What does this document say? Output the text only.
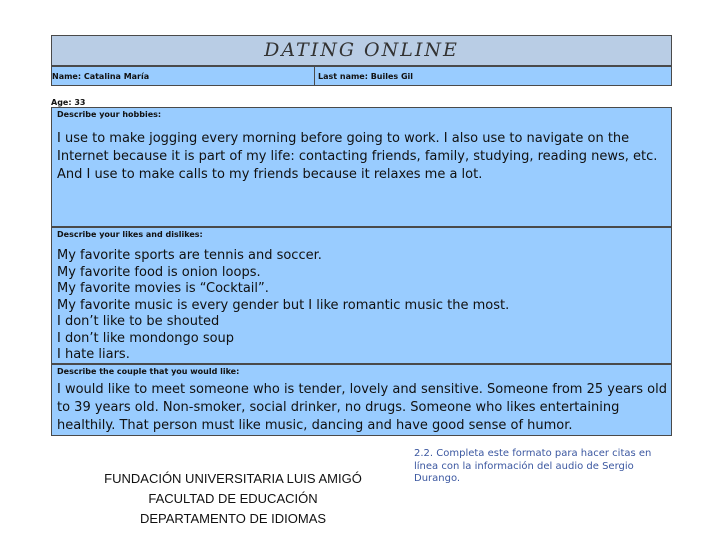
DATING ONLINE
Name: Catalina María	Last name: Builes Gil
Age: 33
Describe your hobbies:

I use to make jogging every morning before going to work. I also use to navigate on the Internet because it is part of my life: contacting friends, family, studying, reading news, etc. And I use to make calls to my friends because it relaxes me a lot.

Describe your likes and dislikes:
My favorite sports are tennis and soccer.
My favorite food is onion loops.
My favorite movies is “Cocktail”.
My favorite music is every gender but I like romantic music the most.
I don’t like to be shouted
I don’t like mondongo soup
I hate liars.
Describe the couple that you would like:

I would like to meet someone who is tender, lovely and sensitive. Someone from 25 years old to 39 years old. Non-smoker, social drinker, no drugs. Someone who likes entertaining healthily. That person must like music, dancing and have good sense of humor.

2.2. Completa este formato para hacer citas en línea con la información del audio de Sergio Durango.
FUNDACIÓN UNIVERSITARIA LUIS AMIGÓ
FACULTAD DE EDUCACIÓN
DEPARTAMENTO DE IDIOMAS
